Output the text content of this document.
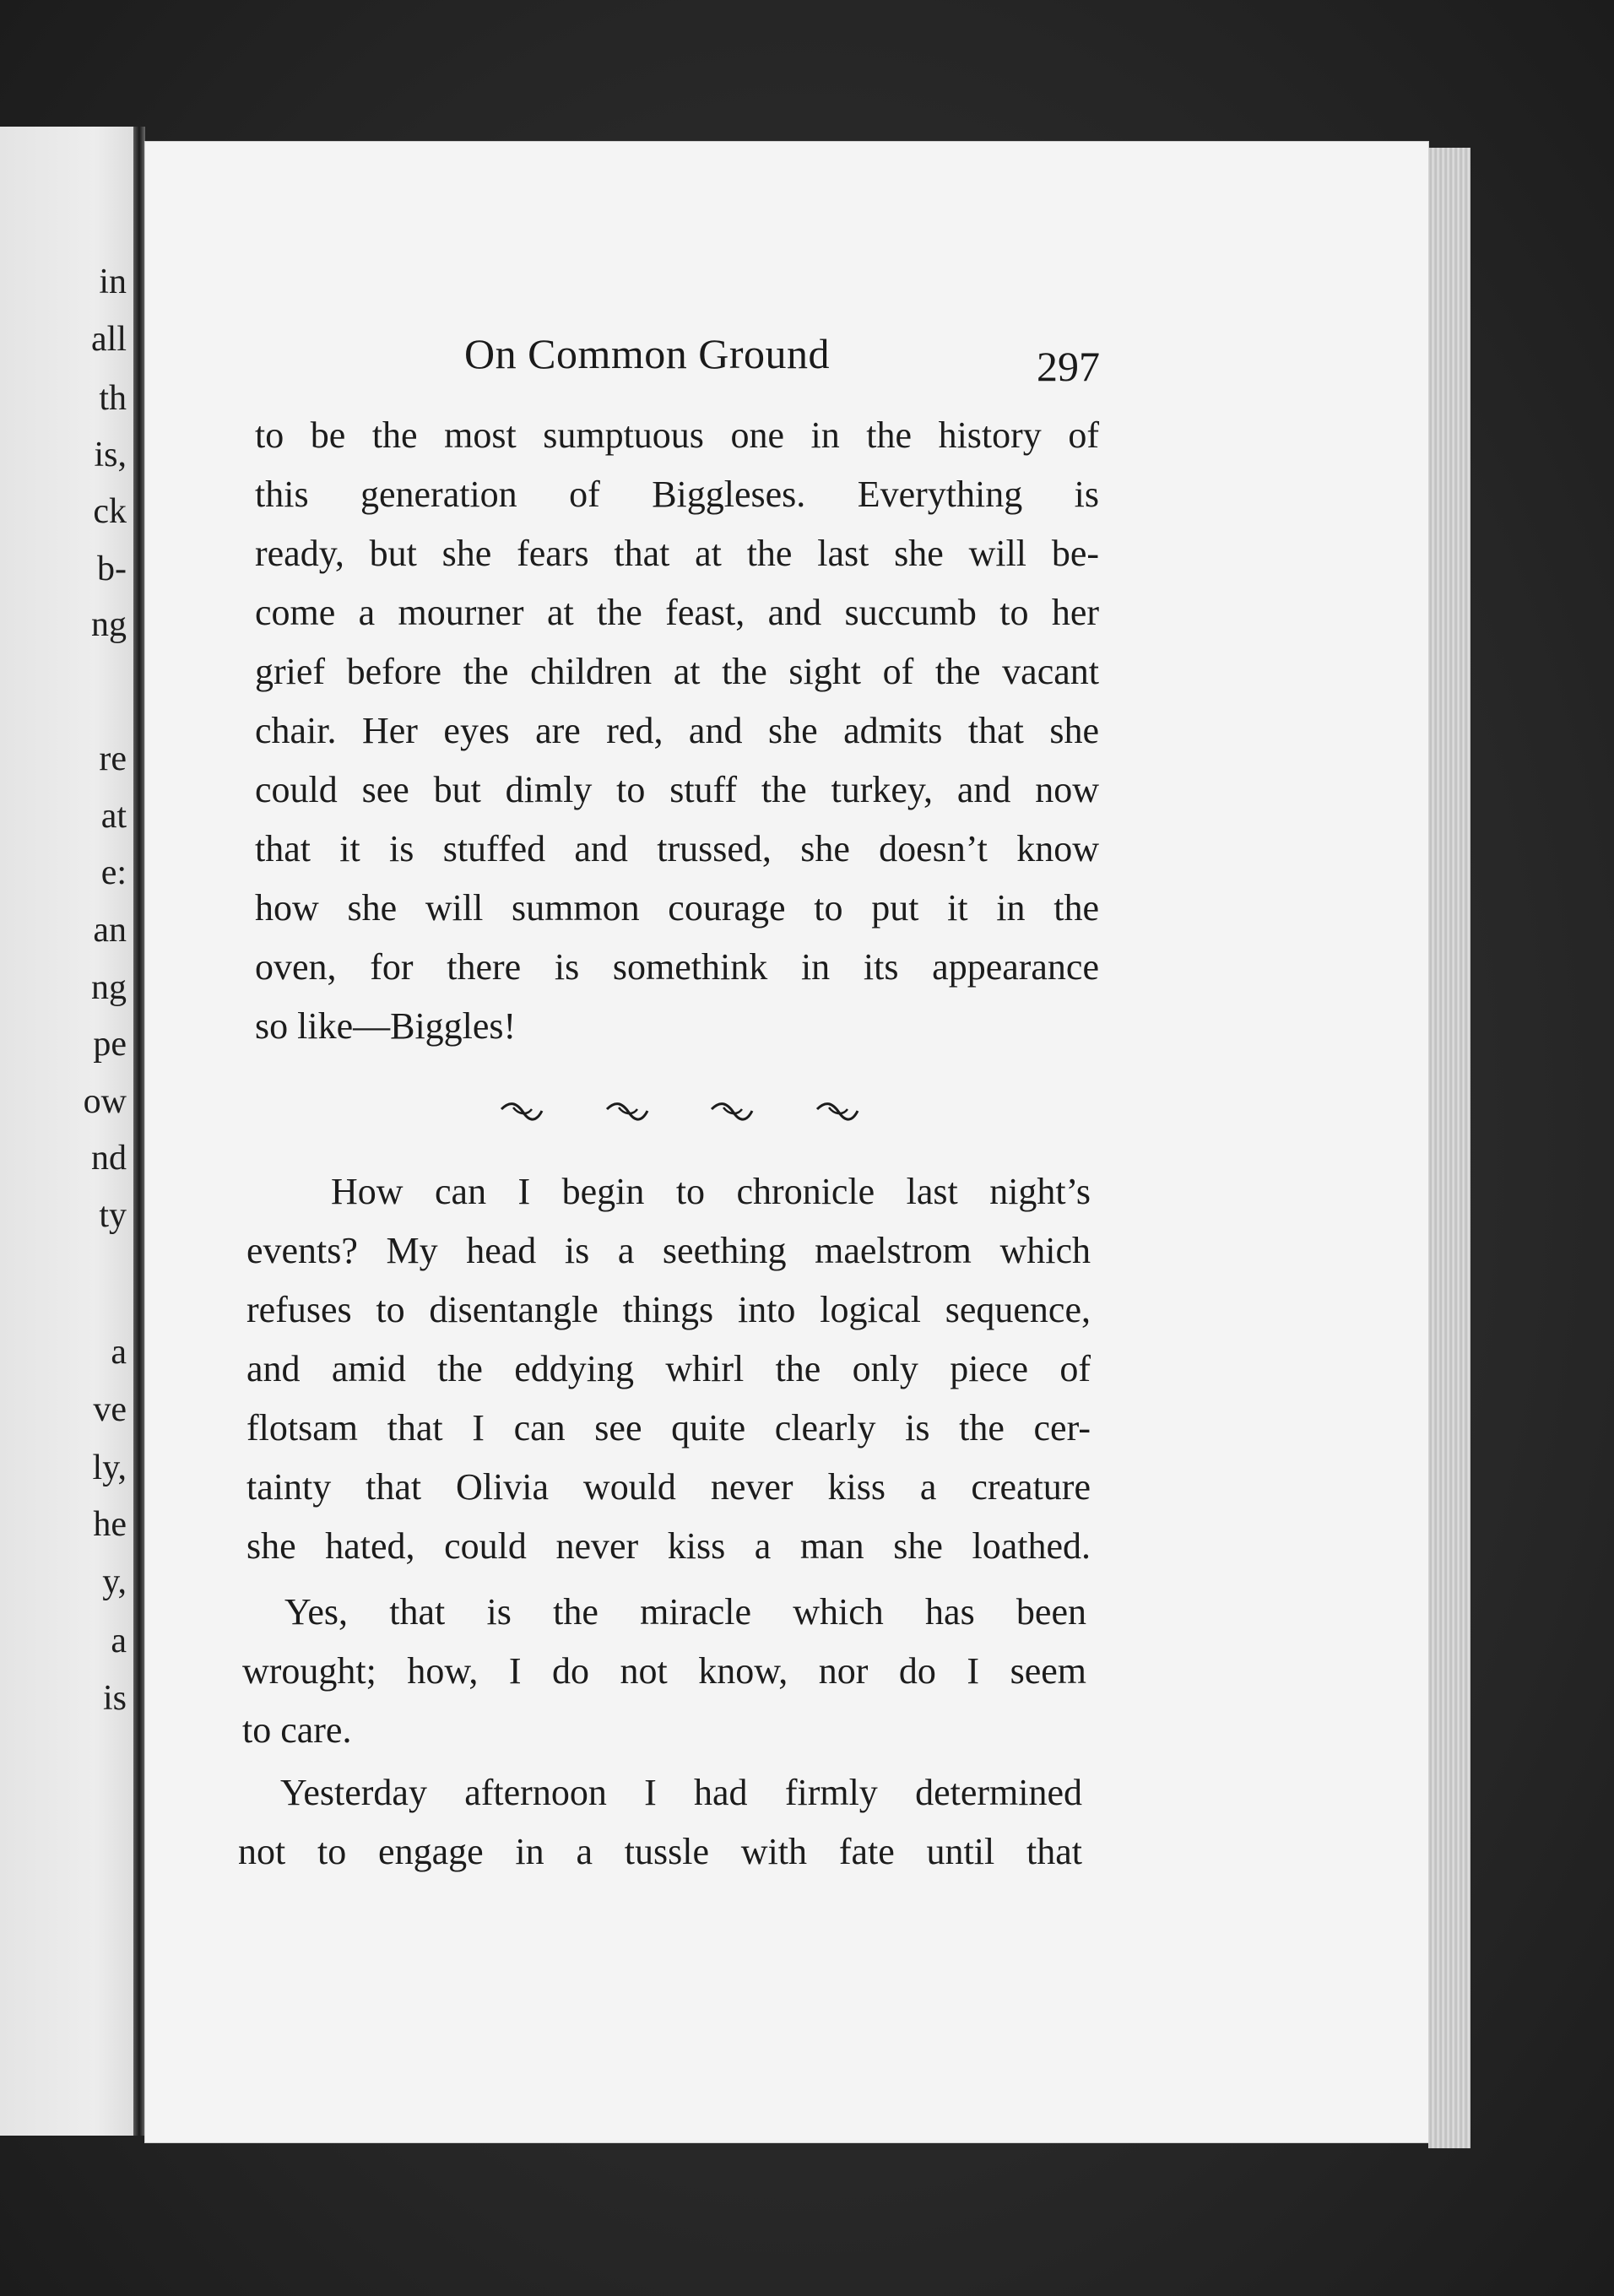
in
all
th
is,
ck
b-
ng
re
at
e:
an
ng
pe
ow
nd
ty
a
ve
ly,
he
y,
a
is
On Common Ground	297
to be the most sumptuous one in the history of
this generation of Biggleses. Everything is
ready, but she fears that at the last she will be-
come a mourner at the feast, and succumb to her
grief before the children at the sight of the vacant
chair. Her eyes are red, and she admits that she
could see but dimly to stuff the turkey, and now
that it is stuffed and trussed, she doesn’t know
how she will summon courage to put it in the
oven, for there is somethink in its appearance
so like—Biggles!
How can I begin to chronicle last night’s
events? My head is a seething maelstrom which
refuses to disentangle things into logical sequence,
and amid the eddying whirl the only piece of
flotsam that I can see quite clearly is the cer-
tainty that Olivia would never kiss a creature
she hated, could never kiss a man she loathed.
Yes, that is the miracle which has been
wrought; how, I do not know, nor do I seem
to care.
Yesterday afternoon I had firmly determined
not to engage in a tussle with fate until that
